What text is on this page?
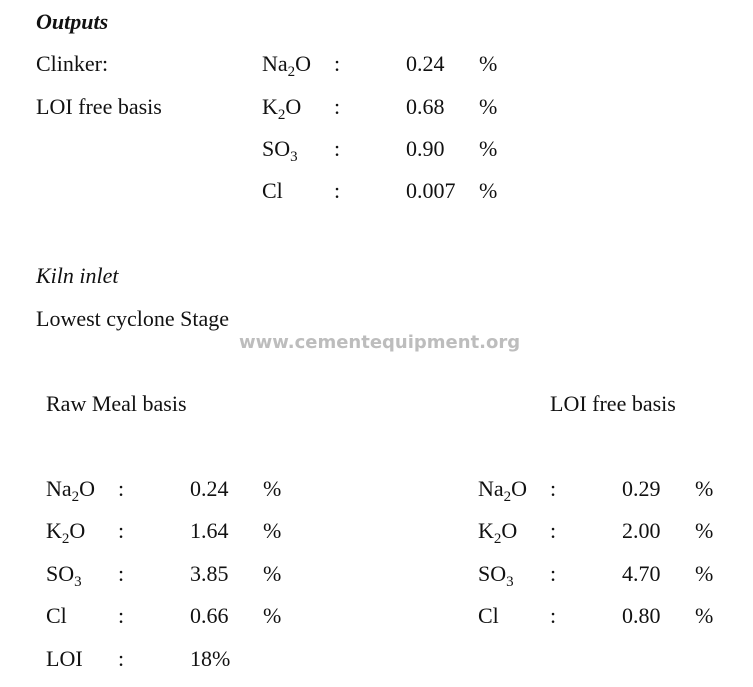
Outputs
Clinker:
LOI free basis
$Na_2O$ :	0.24 %
$K_2O$ :	0.68 %
$SO_3$ :	0.90 %
Cl :	0.007 %
Kiln inlet
Lowest cyclone Stage
www.cementequipment.org
Raw Meal basis
$Na_2O$ :	0.24 %
$K_2O$ :	1.64 %
$SO_3$ :	3.85 %
Cl :	0.66 %
LOI :	18%
LOI free basis
$Na_2O$ :	0.29 %
$K_2O$ :	2.00 %
$SO_3$ :	4.70 %
Cl :	0.80 %
